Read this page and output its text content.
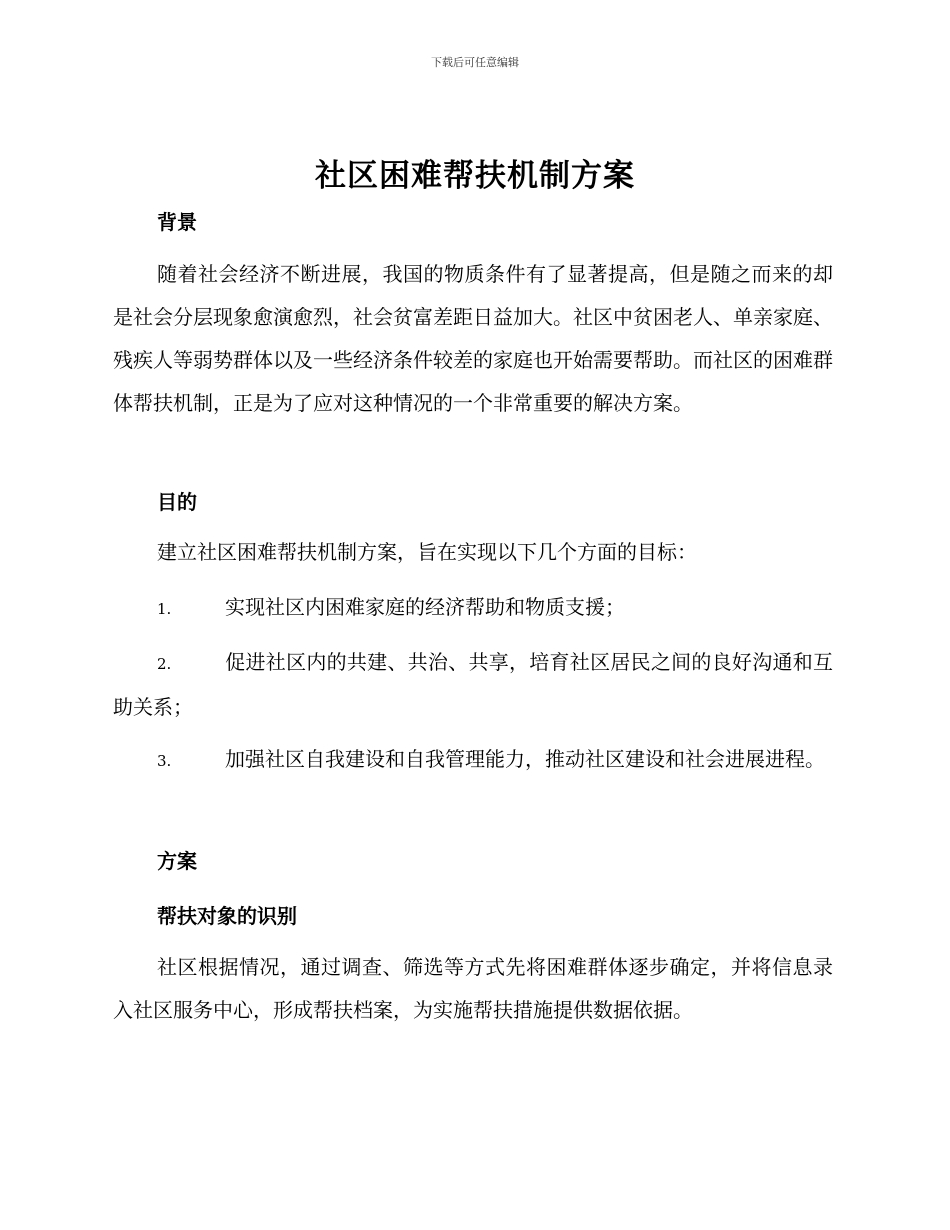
下载后可任意编辑
社区困难帮扶机制方案
背景
随着社会经济不断进展，我国的物质条件有了显著提高，但是随之而来的却是社会分层现象愈演愈烈，社会贫富差距日益加大。社区中贫困老人、单亲家庭、残疾人等弱势群体以及一些经济条件较差的家庭也开始需要帮助。而社区的困难群体帮扶机制，正是为了应对这种情况的一个非常重要的解决方案。
目的
建立社区困难帮扶机制方案，旨在实现以下几个方面的目标：
1.	实现社区内困难家庭的经济帮助和物质支援；
2.	促进社区内的共建、共治、共享，培育社区居民之间的良好沟通和互助关系；
3.	加强社区自我建设和自我管理能力，推动社区建设和社会进展进程。
方案
帮扶对象的识别
社区根据情况，通过调查、筛选等方式先将困难群体逐步确定，并将信息录入社区服务中心，形成帮扶档案，为实施帮扶措施提供数据依据。
